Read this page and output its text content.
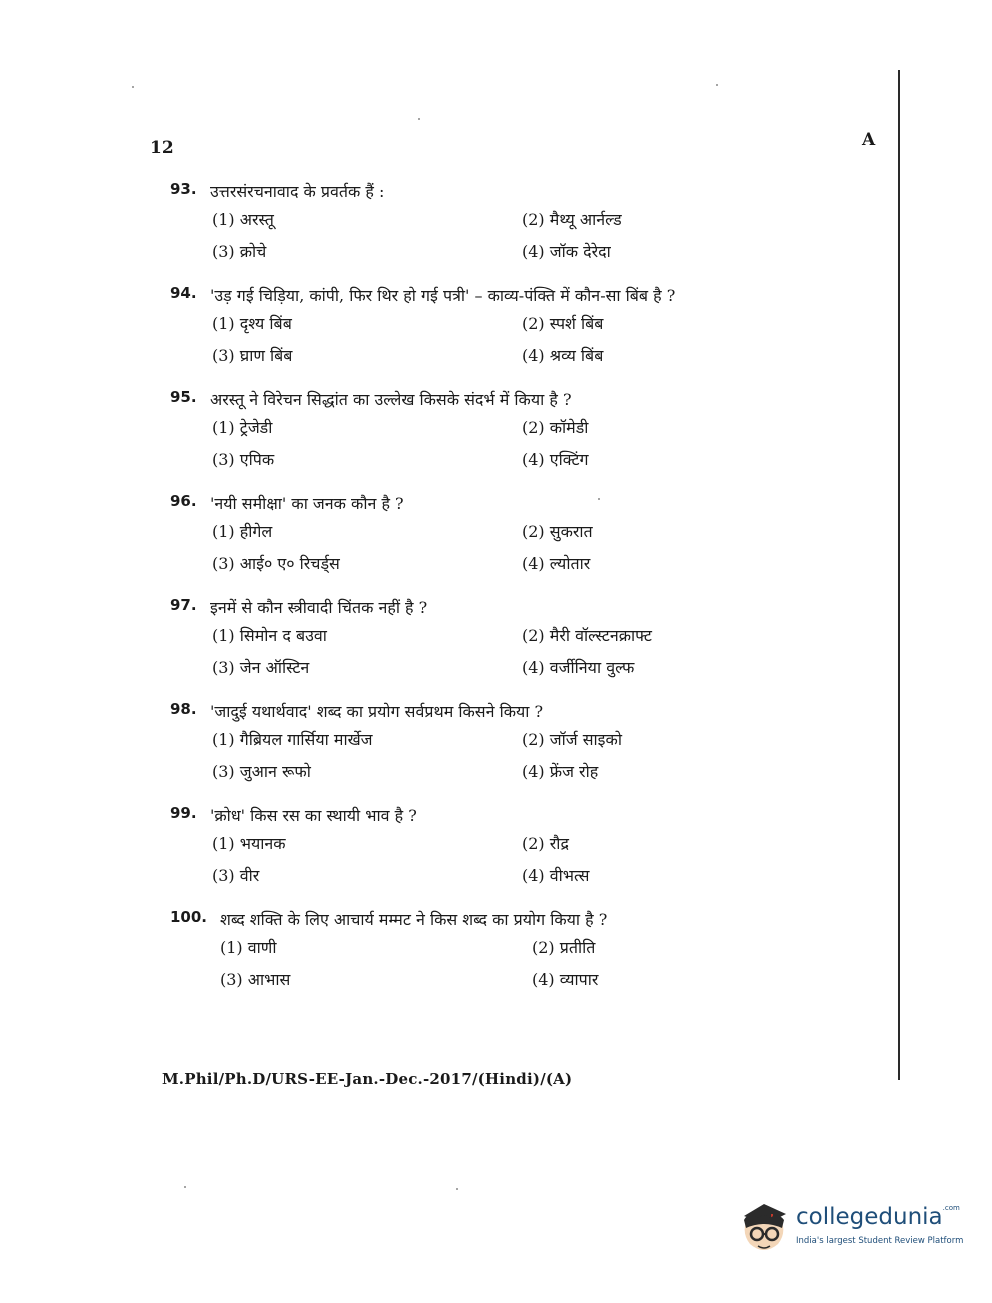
12	A
93. उत्तरसंरचनावाद के प्रवर्तक हैं :
(1) अरस्तू	(2) मैथ्यू आर्नल्ड
(3) क्रोचे	(4) जॉक देरेदा
94. 'उड़ गई चिड़िया, कांपी, फिर थिर हो गई पत्री' – काव्य-पंक्ति में कौन-सा बिंब है ?
(1) दृश्य बिंब	(2) स्पर्श बिंब
(3) घ्राण बिंब	(4) श्रव्य बिंब
95. अरस्तू ने विरेचन सिद्धांत का उल्लेख किसके संदर्भ में किया है ?
(1) ट्रेजेडी	(2) कॉमेडी
(3) एपिक	(4) एक्टिंग
96. 'नयी समीक्षा' का जनक कौन है ?
(1) हीगेल	(2) सुकरात
(3) आई० ए० रिचर्ड्स	(4) ल्योतार
97. इनमें से कौन स्त्रीवादी चिंतक नहीं है ?
(1) सिमोन द बउवा	(2) मैरी वॉल्स्टनक्राफ्ट
(3) जेन ऑस्टिन	(4) वर्जीनिया वुल्फ
98. 'जादुई यथार्थवाद' शब्द का प्रयोग सर्वप्रथम किसने किया ?
(1) गैब्रियल गार्सिया मार्खेज	(2) जॉर्ज साइको
(3) जुआन रूफो	(4) फ्रेंज रोह
99. 'क्रोध' किस रस का स्थायी भाव है ?
(1) भयानक	(2) रौद्र
(3) वीर	(4) वीभत्स
100. शब्द शक्ति के लिए आचार्य मम्मट ने किस शब्द का प्रयोग किया है ?
(1) वाणी	(2) प्रतीति
(3) आभास	(4) व्यापार
M.Phil/Ph.D/URS-EE-Jan.-Dec.-2017/(Hindi)/(A)
collegedunia$^{.com}$
India's largest Student Review Platform
